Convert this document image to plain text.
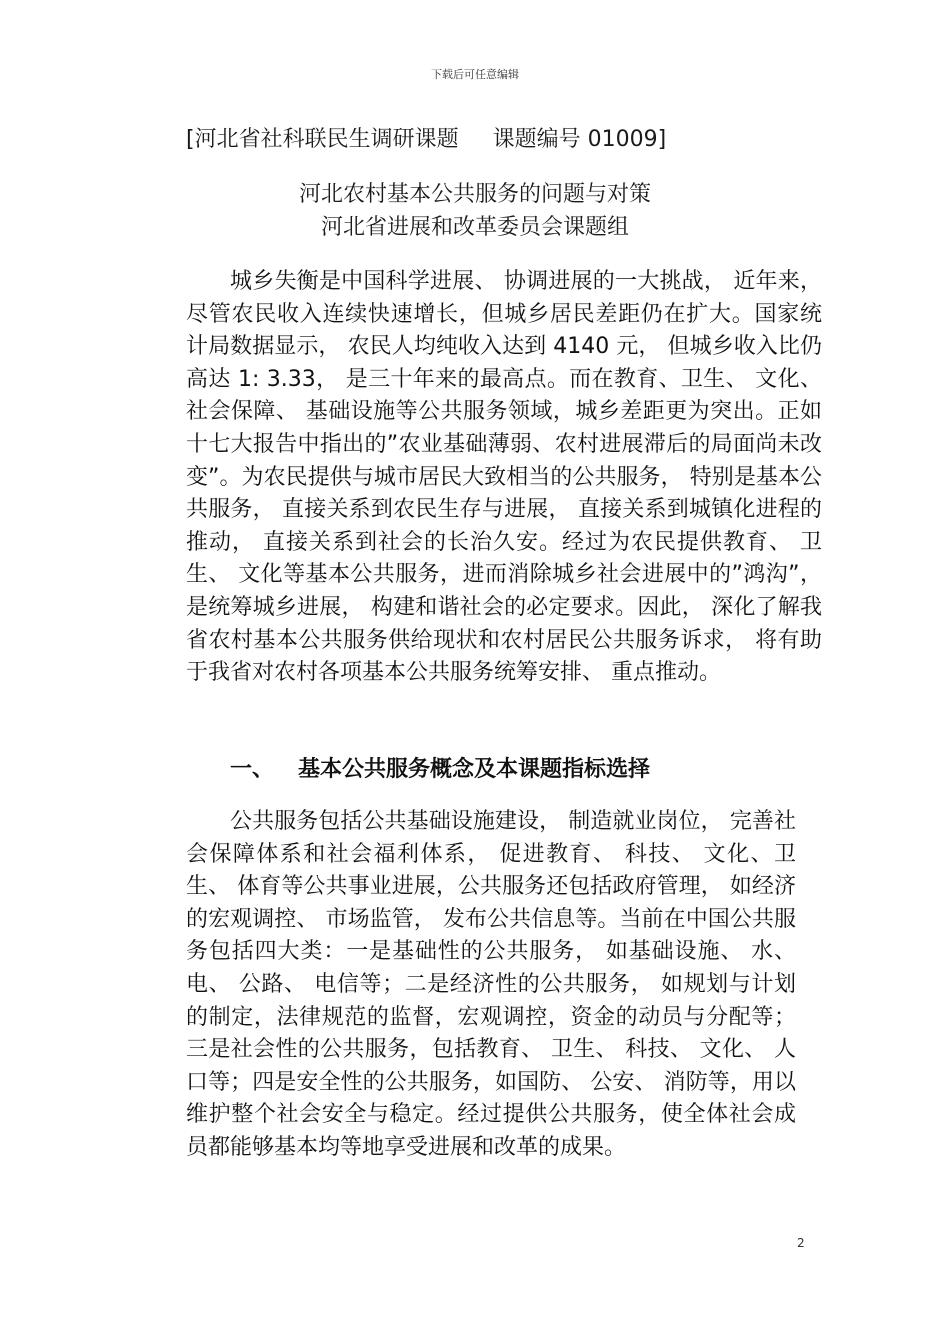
下载后可任意编辑
[河北省社科联民生调研课题 课题编号 01009]
河北农村基本公共服务的问题与对策
河北省进展和改革委员会课题组

城乡失衡是中国科学进展、 协调进展的一大挑战， 近年来，尽管农民收入连续快速增长，但城乡居民差距仍在扩大。国家统计局数据显示， 农民人均纯收入达到 4140 元， 但城乡收入比仍高达 1: 3.33， 是三十年来的最高点。而在教育、卫生、 文化、 社会保障、 基础设施等公共服务领域，城乡差距更为突出。正如十七大报告中指出的”农业基础薄弱、农村进展滞后的局面尚未改变”。为农民提供与城市居民大致相当的公共服务， 特别是基本公共服务， 直接关系到农民生存与进展， 直接关系到城镇化进程的推动， 直接关系到社会的长治久安。经过为农民提供教育、 卫生、 文化等基本公共服务，进而消除城乡社会进展中的”鸿沟”， 是统筹城乡进展， 构建和谐社会的必定要求。因此， 深化了解我省农村基本公共服务供给现状和农村居民公共服务诉求， 将有助于我省对农村各项基本公共服务统筹安排、 重点推动。

一、 基本公共服务概念及本课题指标选择

公共服务包括公共基础设施建设， 制造就业岗位， 完善社会保障体系和社会福利体系， 促进教育、 科技、 文化、卫生、 体育等公共事业进展，公共服务还包括政府管理， 如经济的宏观调控、 市场监管， 发布公共信息等。当前在中国公共服务包括四大类：一是基础性的公共服务， 如基础设施、 水、 电、 公路、 电信等；二是经济性的公共服务， 如规划与计划的制定，法律规范的监督，宏观调控，资金的动员与分配等；三是社会性的公共服务，包括教育、 卫生、 科技、 文化、 人口等；四是安全性的公共服务，如国防、 公安、 消防等，用以维护整个社会安全与稳定。经过提供公共服务，使全体社会成员都能够基本均等地享受进展和改革的成果。

2
